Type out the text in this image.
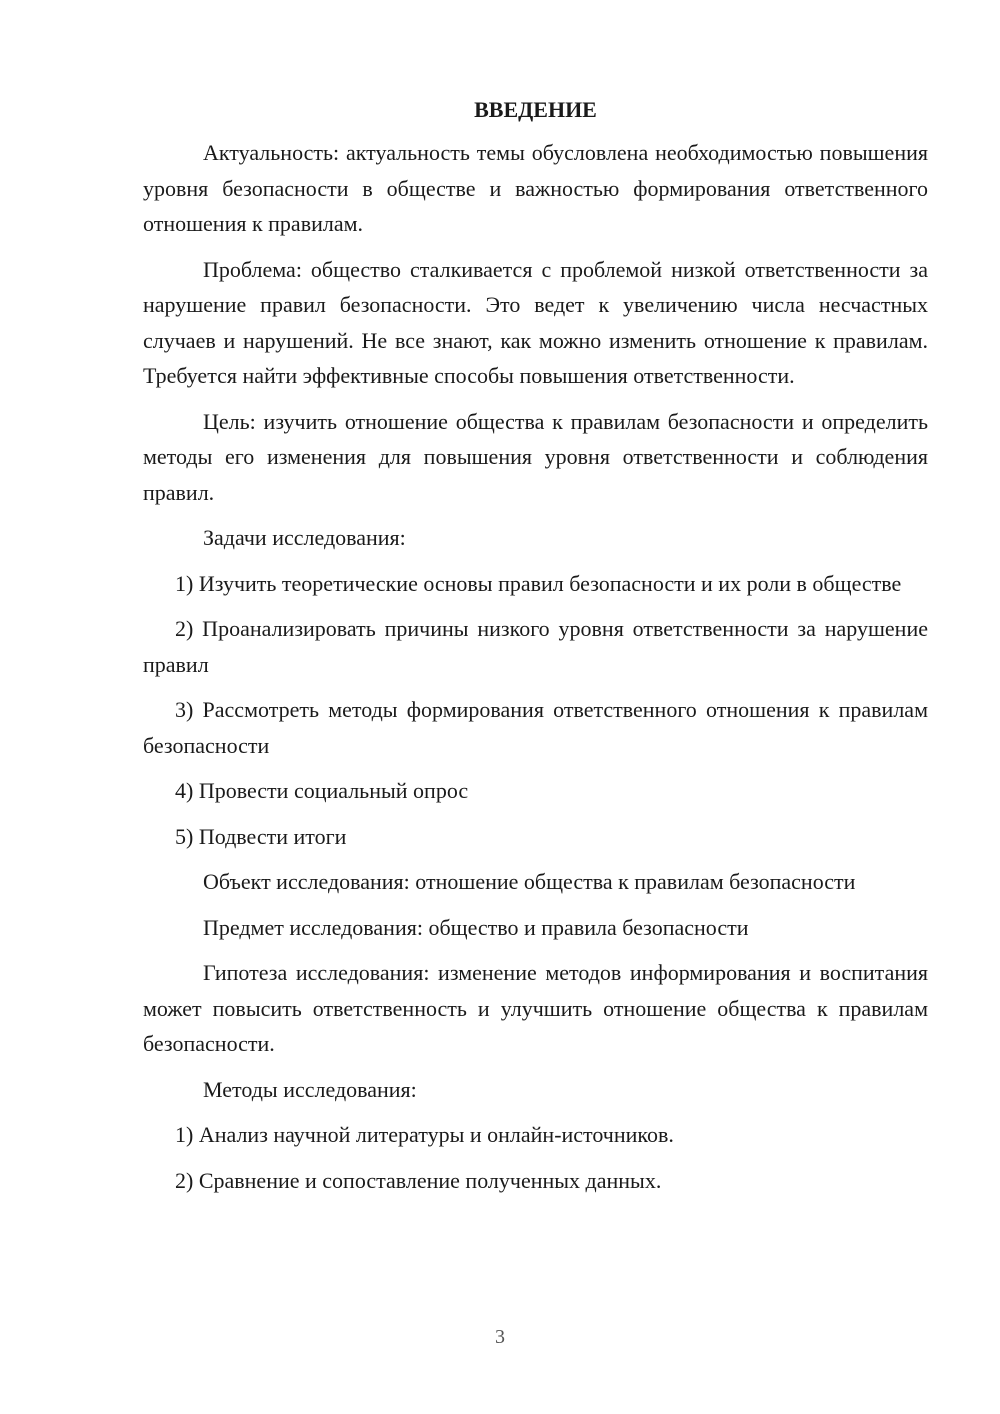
ВВЕДЕНИЕ

Актуальность: актуальность темы обусловлена необходимостью повышения уровня безопасности в обществе и важностью формирования ответственного отношения к правилам.

Проблема: общество сталкивается с проблемой низкой ответственности за нарушение правил безопасности. Это ведет к увеличению числа несчастных случаев и нарушений. Не все знают, как можно изменить отношение к правилам. Требуется найти эффективные способы повышения ответственности.

Цель: изучить отношение общества к правилам безопасности и определить методы его изменения для повышения уровня ответственности и соблюдения правил.

Задачи исследования:

1) Изучить теоретические основы правил безопасности и их роли в обществе

2) Проанализировать причины низкого уровня ответственности за нарушение правил

3) Рассмотреть методы формирования ответственного отношения к правилам безопасности

4) Провести социальный опрос

5) Подвести итоги

Объект исследования: отношение общества к правилам безопасности

Предмет исследования: общество и правила безопасности

Гипотеза исследования: изменение методов информирования и воспитания может повысить ответственность и улучшить отношение общества к правилам безопасности.

Методы исследования:

1) Анализ научной литературы и онлайн-источников.

2) Сравнение и сопоставление полученных данных.

3
